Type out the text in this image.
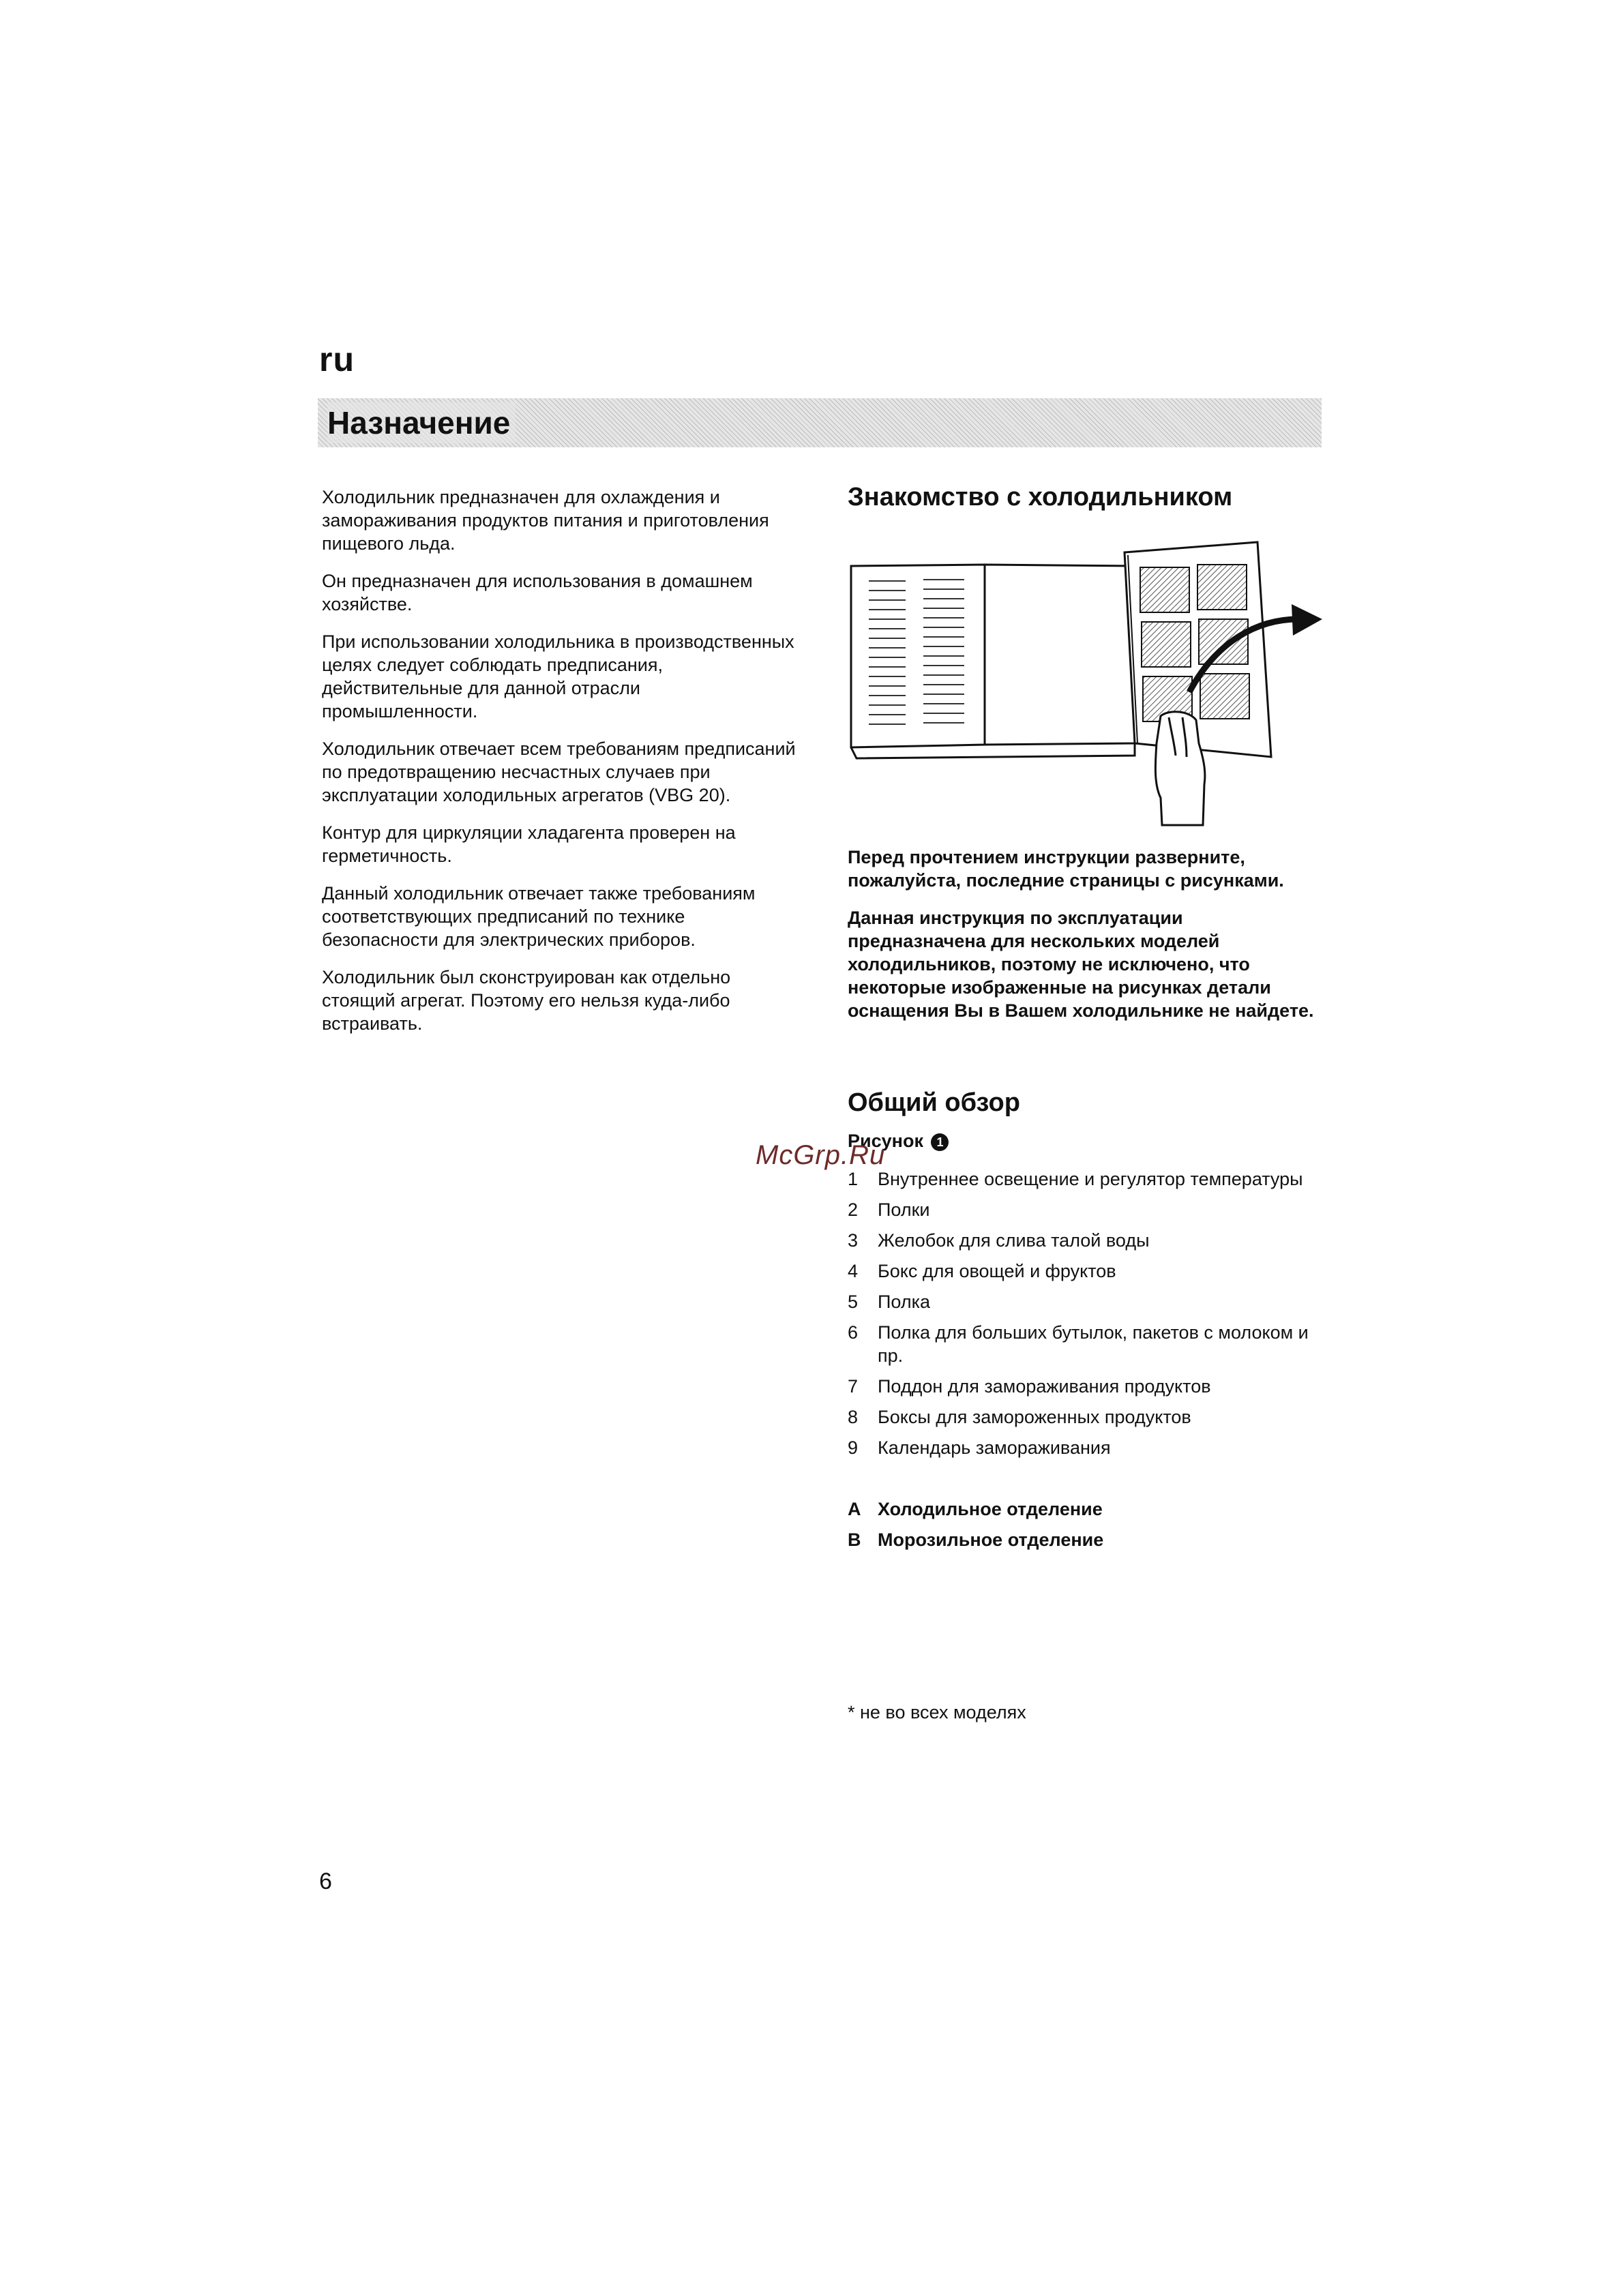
ru
Назначение

Холодильник предназначен для охлаждения и замораживания продуктов питания и приготовления пищевого льда.

Он предназначен для использования в домашнем хозяйстве.

При использовании холодильника в производственных целях следует соблюдать предписания, действительные для данной отрасли промышленности.

Холодильник отвечает всем требованиям предписаний по предотвращению несчастных случаев при эксплуатации холодильных агрегатов (VBG 20).

Контур для циркуляции хладагента проверен на герметичность.

Данный холодильник отвечает также требованиям соответствующих предписаний по технике безопасности для электрических приборов.

Холодильник был сконструирован как отдельно стоящий агрегат. Поэтому его нельзя куда-либо встраивать.

Знакомство с холодильником

Перед прочтением инструкции разверните, пожалуйста, последние страницы с рисунками.

Данная инструкция по эксплуатации предназначена для нескольких моделей холодильников, поэтому не исключено, что некоторые изображенные на рисунках детали оснащения Вы в Вашем холодильнике не найдете.

Общий обзор
Рисунок 1
1	Внутреннее освещение и регулятор температуры
2	Полки
3	Желобок для слива талой воды
4	Бокс для овощей и фруктов
5	Полка
6	Полка для больших бутылок, пакетов с молоком и пр.
7	Поддон для замораживания продуктов
8	Боксы для замороженных продуктов
9	Календарь замораживания
A Холодильное отделение
B Морозильное отделение
McGrp.Ru
* не во всех моделях
6
